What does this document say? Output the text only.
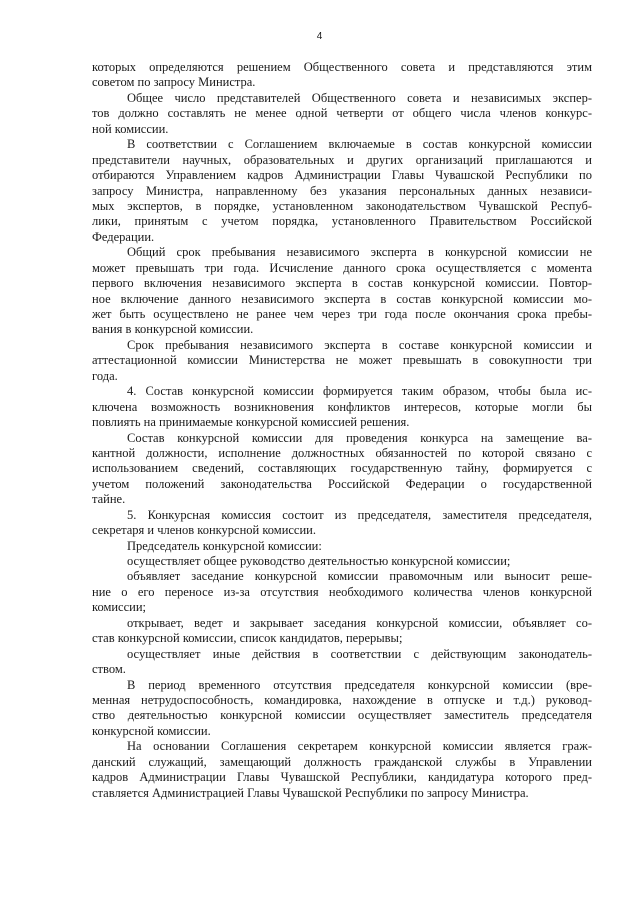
4
которых определяются решением Общественного совета и представляются этим
советом по запросу Министра.
Общее число представителей Общественного совета и независимых экспер-
тов должно составлять не менее одной четверти от общего числа членов конкурс-
ной комиссии.
В соответствии с Соглашением включаемые в состав конкурсной комиссии
представители научных, образовательных и других организаций приглашаются и
отбираются Управлением кадров Администрации Главы Чувашской Республики по
запросу Министра, направленному без указания персональных данных независи-
мых экспертов, в порядке, установленном законодательством Чувашской Респуб-
лики, принятым с учетом порядка, установленного Правительством Российской
Федерации.
Общий срок пребывания независимого эксперта в конкурсной комиссии не
может превышать три года. Исчисление данного срока осуществляется с момента
первого включения независимого эксперта в состав конкурсной комиссии. Повтор-
ное включение данного независимого эксперта в состав конкурсной комиссии мо-
жет быть осуществлено не ранее чем через три года после окончания срока пребы-
вания в конкурсной комиссии.
Срок пребывания независимого эксперта в составе конкурсной комиссии и
аттестационной комиссии Министерства не может превышать в совокупности три
года.
4. Состав конкурсной комиссии формируется таким образом, чтобы была ис-
ключена возможность возникновения конфликтов интересов, которые могли бы
повлиять на принимаемые конкурсной комиссией решения.
Состав конкурсной комиссии для проведения конкурса на замещение ва-
кантной должности, исполнение должностных обязанностей по которой связано с
использованием сведений, составляющих государственную тайну, формируется с
учетом положений законодательства Российской Федерации о государственной
тайне.
5. Конкурсная комиссия состоит из председателя, заместителя председателя,
секретаря и членов конкурсной комиссии.
Председатель конкурсной комиссии:
осуществляет общее руководство деятельностью конкурсной комиссии;
объявляет заседание конкурсной комиссии правомочным или выносит реше-
ние о его переносе из-за отсутствия необходимого количества членов конкурсной
комиссии;
открывает, ведет и закрывает заседания конкурсной комиссии, объявляет со-
став конкурсной комиссии, список кандидатов, перерывы;
осуществляет иные действия в соответствии с действующим законодатель-
ством.
В период временного отсутствия председателя конкурсной комиссии (вре-
менная нетрудоспособность, командировка, нахождение в отпуске и т.д.) руковод-
ство деятельностью конкурсной комиссии осуществляет заместитель председателя
конкурсной комиссии.
На основании Соглашения секретарем конкурсной комиссии является граж-
данский служащий, замещающий должность гражданской службы в Управлении
кадров Администрации Главы Чувашской Республики, кандидатура которого пред-
ставляется Администрацией Главы Чувашской Республики по запросу Министра.
